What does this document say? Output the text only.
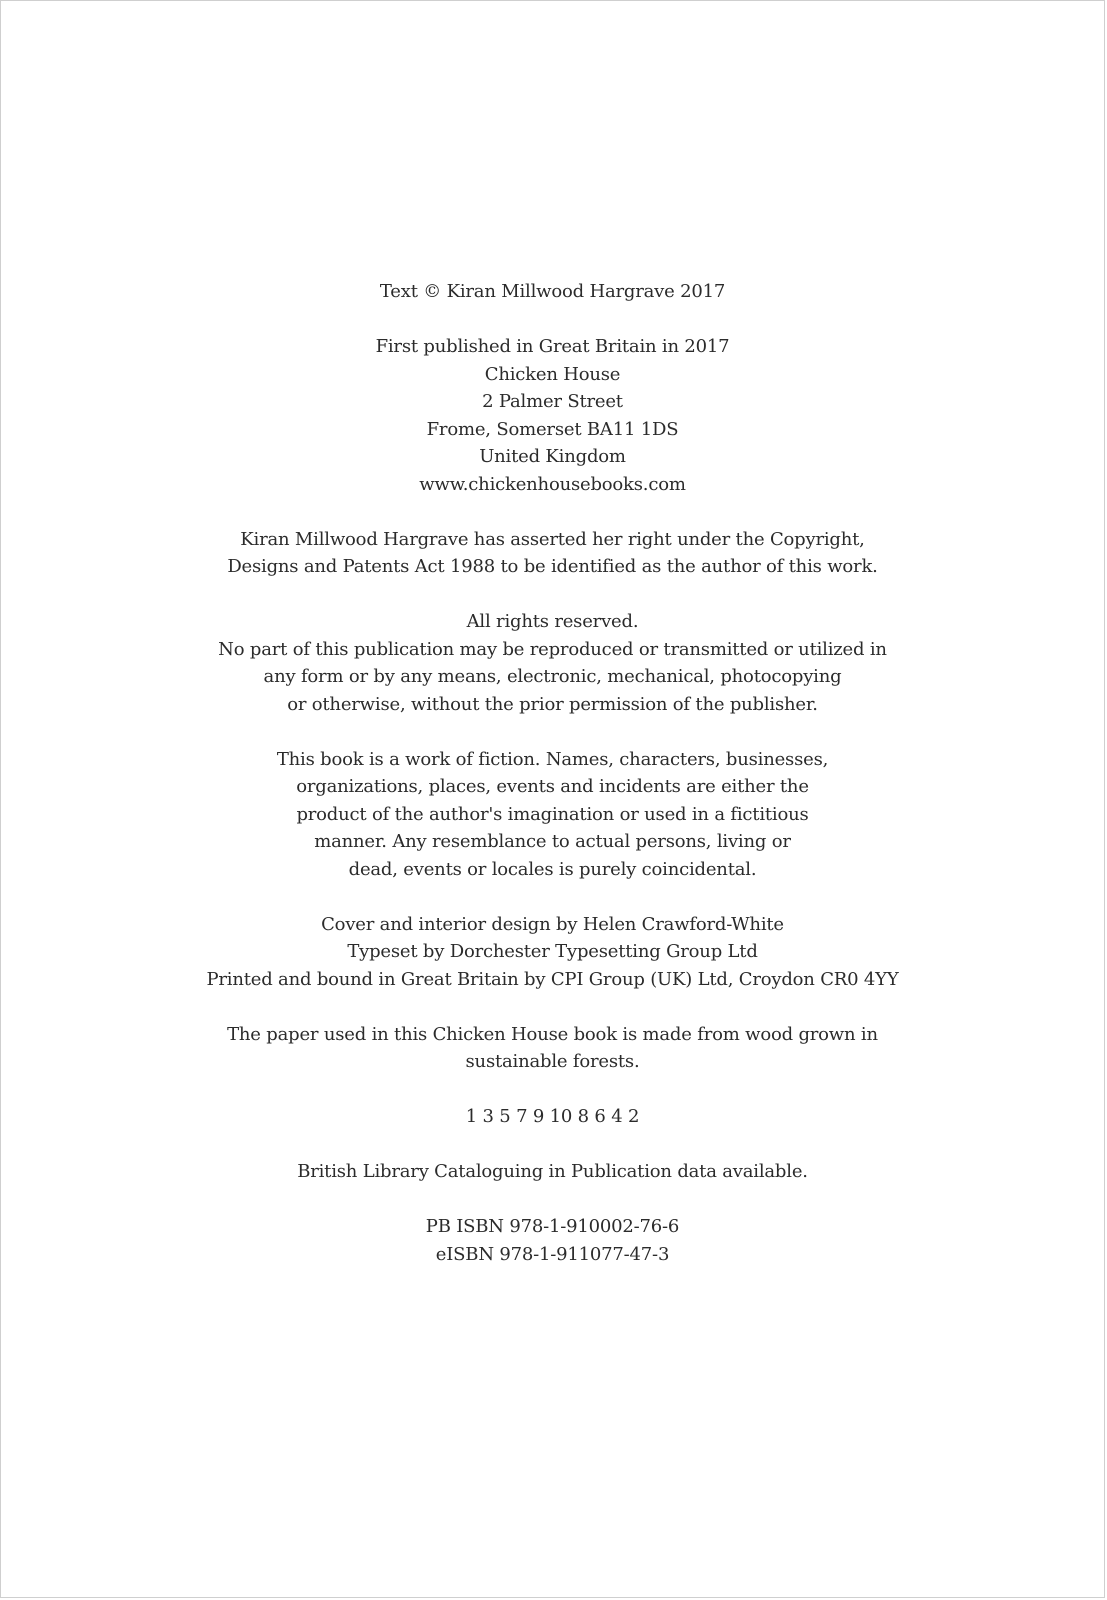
Text © Kiran Millwood Hargrave 2017
First published in Great Britain in 2017
Chicken House
2 Palmer Street
Frome, Somerset BA11 1DS
United Kingdom
www.chickenhousebooks.com
Kiran Millwood Hargrave has asserted her right under the Copyright,
Designs and Patents Act 1988 to be identified as the author of this work.
All rights reserved.
No part of this publication may be reproduced or transmitted or utilized in
any form or by any means, electronic, mechanical, photocopying
or otherwise, without the prior permission of the publisher.
This book is a work of fiction. Names, characters, businesses,
organizations, places, events and incidents are either the
product of the author's imagination or used in a fictitious
manner. Any resemblance to actual persons, living or
dead, events or locales is purely coincidental.
Cover and interior design by Helen Crawford-White
Typeset by Dorchester Typesetting Group Ltd
Printed and bound in Great Britain by CPI Group (UK) Ltd, Croydon CR0 4YY
The paper used in this Chicken House book is made from wood grown in
sustainable forests.
1 3 5 7 9 10 8 6 4 2
British Library Cataloguing in Publication data available.
PB ISBN 978-1-910002-76-6
eISBN 978-1-911077-47-3
